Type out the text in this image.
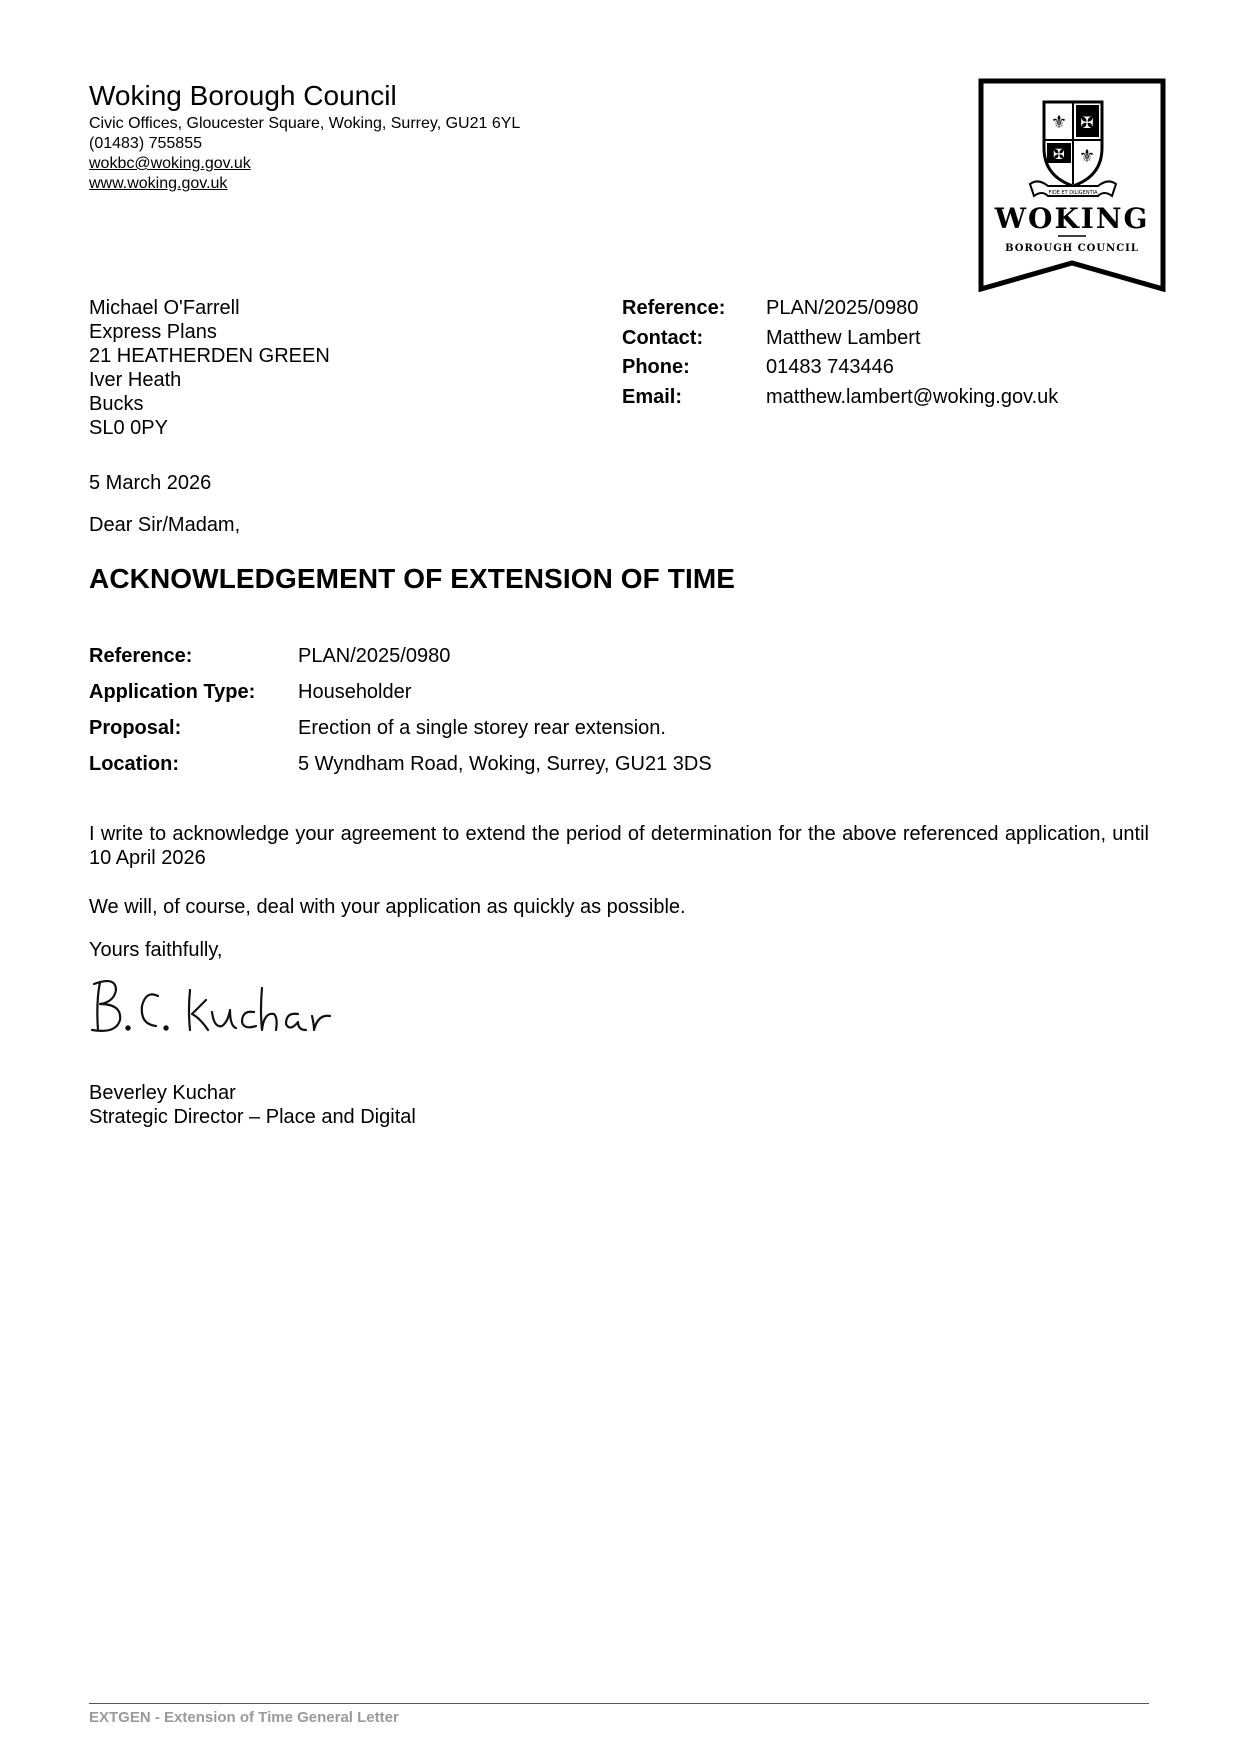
Woking Borough Council
Civic Offices, Gloucester Square, Woking, Surrey, GU21 6YL
(01483) 755855
wokbc@woking.gov.uk
www.woking.gov.uk
⚜ ✠
✠ ⚜
FIDE ET DILIGENTIA
WOKING
BOROUGH COUNCIL
Michael O'Farrell
Express Plans
21 HEATHERDEN GREEN
Iver Heath
Bucks
SL0 0PY
Reference:	PLAN/2025/0980
Contact:	Matthew Lambert
Phone:	01483 743446
Email:	matthew.lambert@woking.gov.uk
5 March 2026
Dear Sir/Madam,
ACKNOWLEDGEMENT OF EXTENSION OF TIME
Reference:	PLAN/2025/0980
Application Type:	Householder
Proposal:	Erection of a single storey rear extension.
Location:	5 Wyndham Road, Woking, Surrey, GU21 3DS
I write to acknowledge your agreement to extend the period of determination for the above referenced application, until 10 April 2026
We will, of course, deal with your application as quickly as possible.
Yours faithfully,
Beverley Kuchar
Strategic Director – Place and Digital
EXTGEN - Extension of Time General Letter
